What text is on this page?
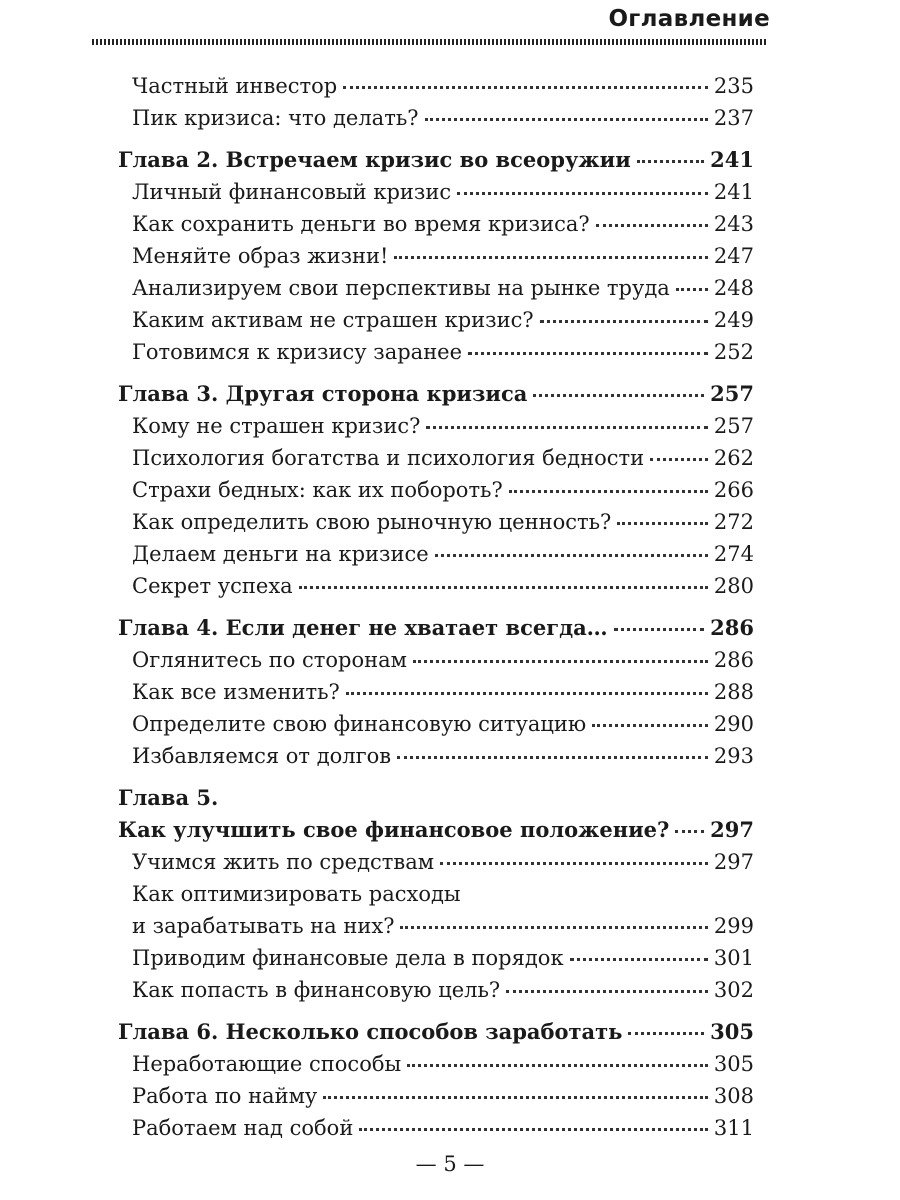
Оглавление
Частный инвестор	235
Пик кризиса: что делать?	237
Глава 2. Встречаем кризис во всеоружии	241
Личный финансовый кризис	241
Как сохранить деньги во время кризиса?	243
Меняйте образ жизни!	247
Анализируем свои перспективы на рынке труда 248
Каким активам не страшен кризис?	249
Готовимся к кризису заранее	252
Глава 3. Другая сторона кризиса	257
Кому не страшен кризис?	257
Психология богатства и психология бедности	262
Страхи бедных: как их побороть?	266
Как определить свою рыночную ценность?	272
Делаем деньги на кризисе	274
Секрет успеха	280
Глава 4. Если денег не хватает всегда…	286
Оглянитесь по сторонам	286
Как все изменить?	288
Определите свою финансовую ситуацию	290
Избавляемся от долгов	293
Глава 5.
Как улучшить свое финансовое положение? 297
Учимся жить по средствам	297
Как оптимизировать расходы
и зарабатывать на них?	299
Приводим финансовые дела в порядок	301
Как попасть в финансовую цель?	302
Глава 6. Несколько способов заработать	305
Неработающие способы	305
Работа по найму	308
Работаем над собой	311
— 5 —
